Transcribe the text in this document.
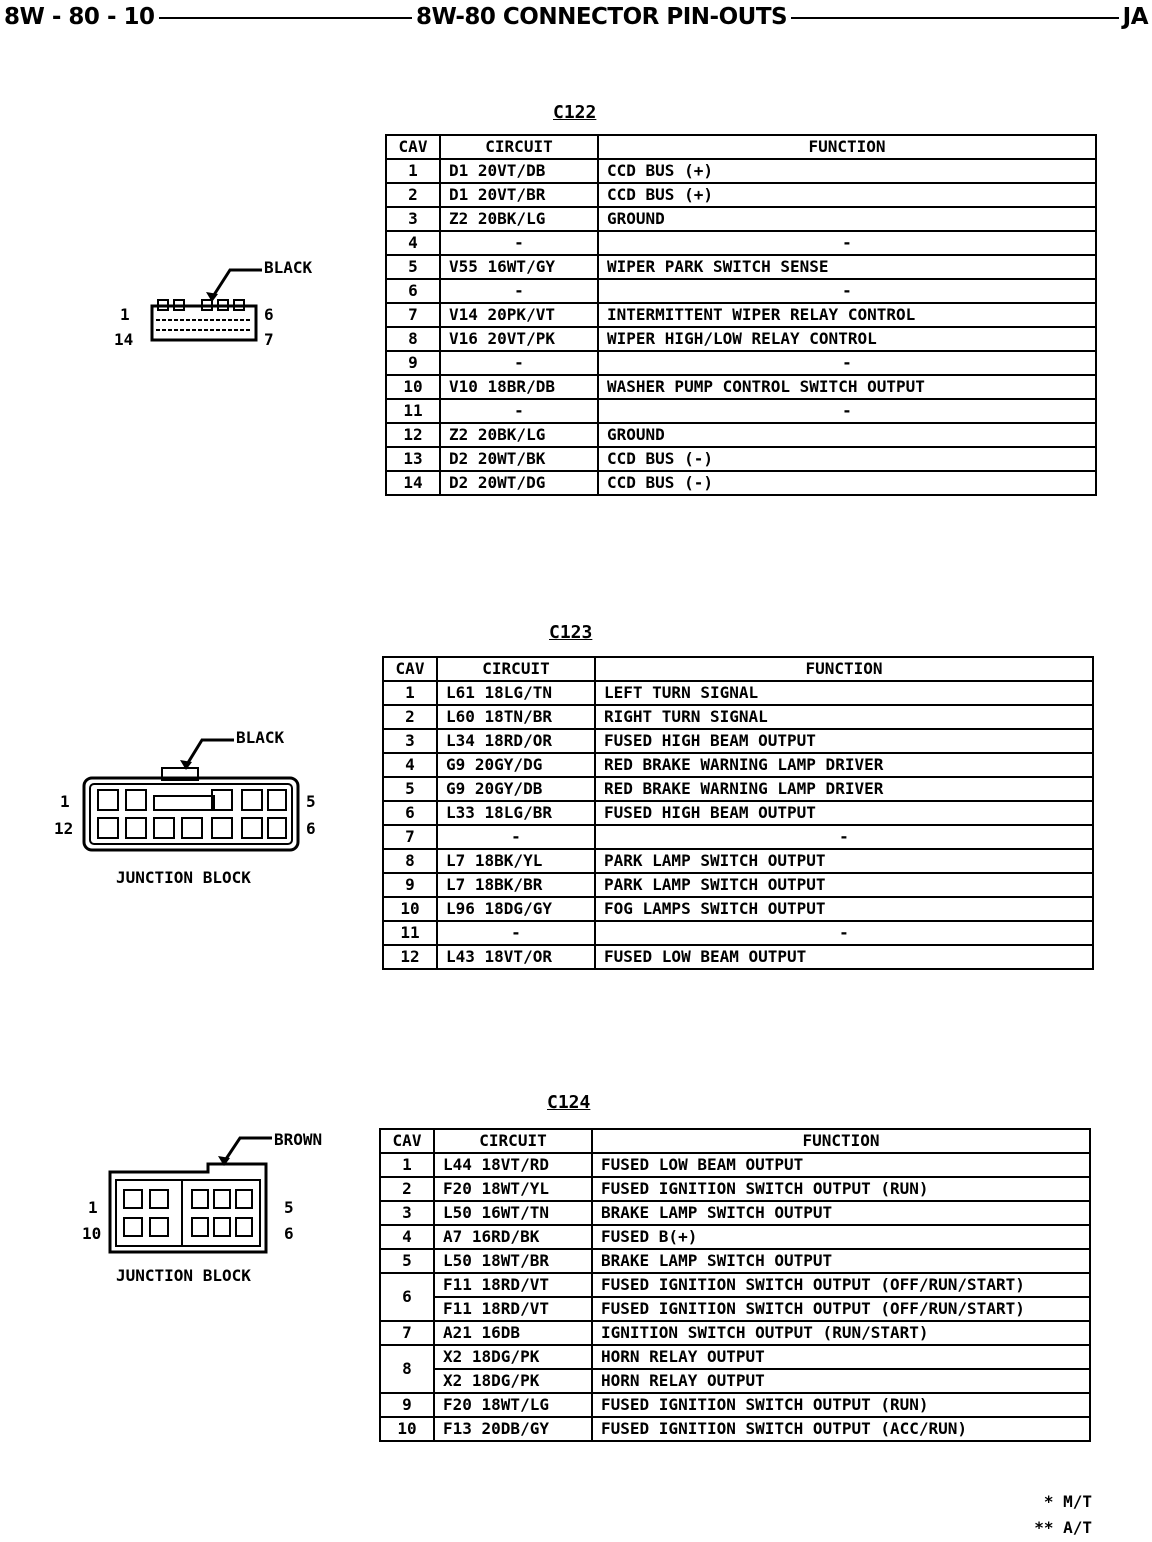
8W - 80 - 10	8W-80 CONNECTOR PIN-OUTS	JA
C122
C123
C124
CAV	CIRCUIT	FUNCTION
1	D1 20VT/DB	CCD BUS (+)
2	D1 20VT/BR	CCD BUS (+)
3	Z2 20BK/LG	GROUND
4	-	-
5	V55 16WT/GY	WIPER PARK SWITCH SENSE
6	-	-
7	V14 20PK/VT	INTERMITTENT WIPER RELAY CONTROL
8	V16 20VT/PK	WIPER HIGH/LOW RELAY CONTROL
9	-	-
10	V10 18BR/DB	WASHER PUMP CONTROL SWITCH OUTPUT
11	-	-
12	Z2 20BK/LG	GROUND
13	D2 20WT/BK	CCD BUS (-)
14	D2 20WT/DG	CCD BUS (-)
CAV	CIRCUIT	FUNCTION
1	L61 18LG/TN	LEFT TURN SIGNAL
2	L60 18TN/BR	RIGHT TURN SIGNAL
3	L34 18RD/OR	FUSED HIGH BEAM OUTPUT
4	G9 20GY/DG	RED BRAKE WARNING LAMP DRIVER
5	G9 20GY/DB	RED BRAKE WARNING LAMP DRIVER
6	L33 18LG/BR	FUSED HIGH BEAM OUTPUT
7	-	-
8	L7 18BK/YL	PARK LAMP SWITCH OUTPUT
9	L7 18BK/BR	PARK LAMP SWITCH OUTPUT
10	L96 18DG/GY	FOG LAMPS SWITCH OUTPUT
11	-	-
12	L43 18VT/OR	FUSED LOW BEAM OUTPUT
CAV	CIRCUIT	FUNCTION
1	L44 18VT/RD	FUSED LOW BEAM OUTPUT
2	F20 18WT/YL	FUSED IGNITION SWITCH OUTPUT (RUN)
3	L50 16WT/TN	BRAKE LAMP SWITCH OUTPUT
4	A7 16RD/BK	FUSED B(+)
5	L50 18WT/BR	BRAKE LAMP SWITCH OUTPUT
6	F11 18RD/VT	FUSED IGNITION SWITCH OUTPUT (OFF/RUN/START)
	F11 18RD/VT	FUSED IGNITION SWITCH OUTPUT (OFF/RUN/START)
7	A21 16DB	IGNITION SWITCH OUTPUT (RUN/START)
8	X2 18DG/PK	HORN RELAY OUTPUT
	X2 18DG/PK	HORN RELAY OUTPUT
9	F20 18WT/LG	FUSED IGNITION SWITCH OUTPUT (RUN)
10	F13 20DB/GY	FUSED IGNITION SWITCH OUTPUT (ACC/RUN)
BLACK
1
14
6
7
BLACK
1
12
5
6
JUNCTION BLOCK
BROWN
1
10
5
6
JUNCTION BLOCK
* M/T
** A/T
